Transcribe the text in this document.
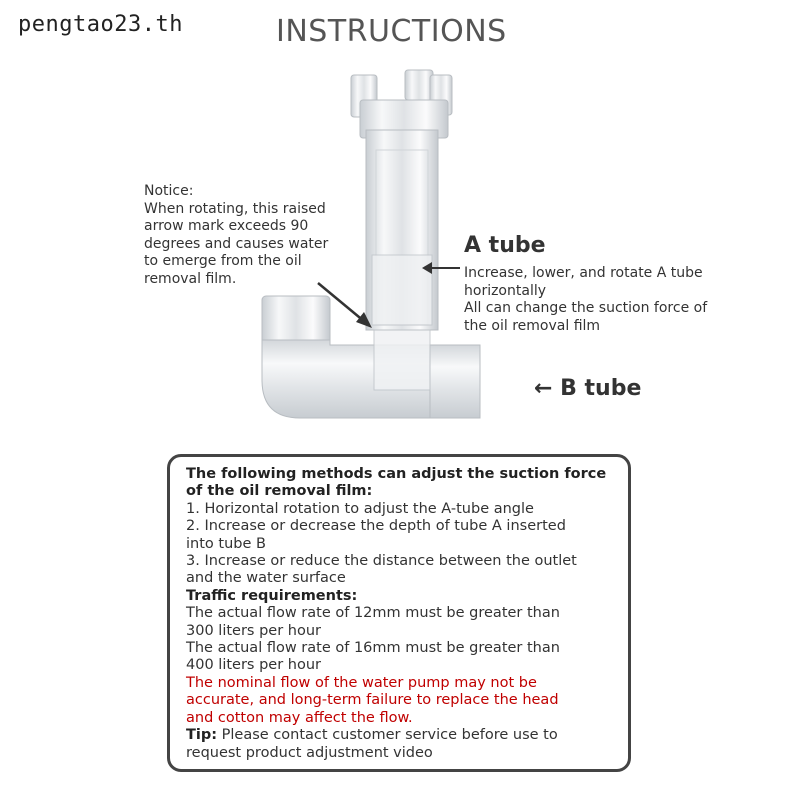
pengtao23.th	INSTRUCTIONS
Notice:
When rotating, this raised
arrow mark exceeds 90
degrees and causes water
to emerge from the oil
removal film.
A tube
Increase, lower, and rotate A tube
horizontally
All can change the suction force of
the oil removal film
← B tube
The following methods can adjust the suction force
of the oil removal film:
1. Horizontal rotation to adjust the A-tube angle
2. Increase or decrease the depth of tube A inserted
into tube B
3. Increase or reduce the distance between the outlet
and the water surface
Traffic requirements:
The actual flow rate of 12mm must be greater than
300 liters per hour
The actual flow rate of 16mm must be greater than
400 liters per hour
The nominal flow of the water pump may not be
accurate, and long-term failure to replace the head
and cotton may affect the flow.
Tip: Please contact customer service before use to
request product adjustment video
